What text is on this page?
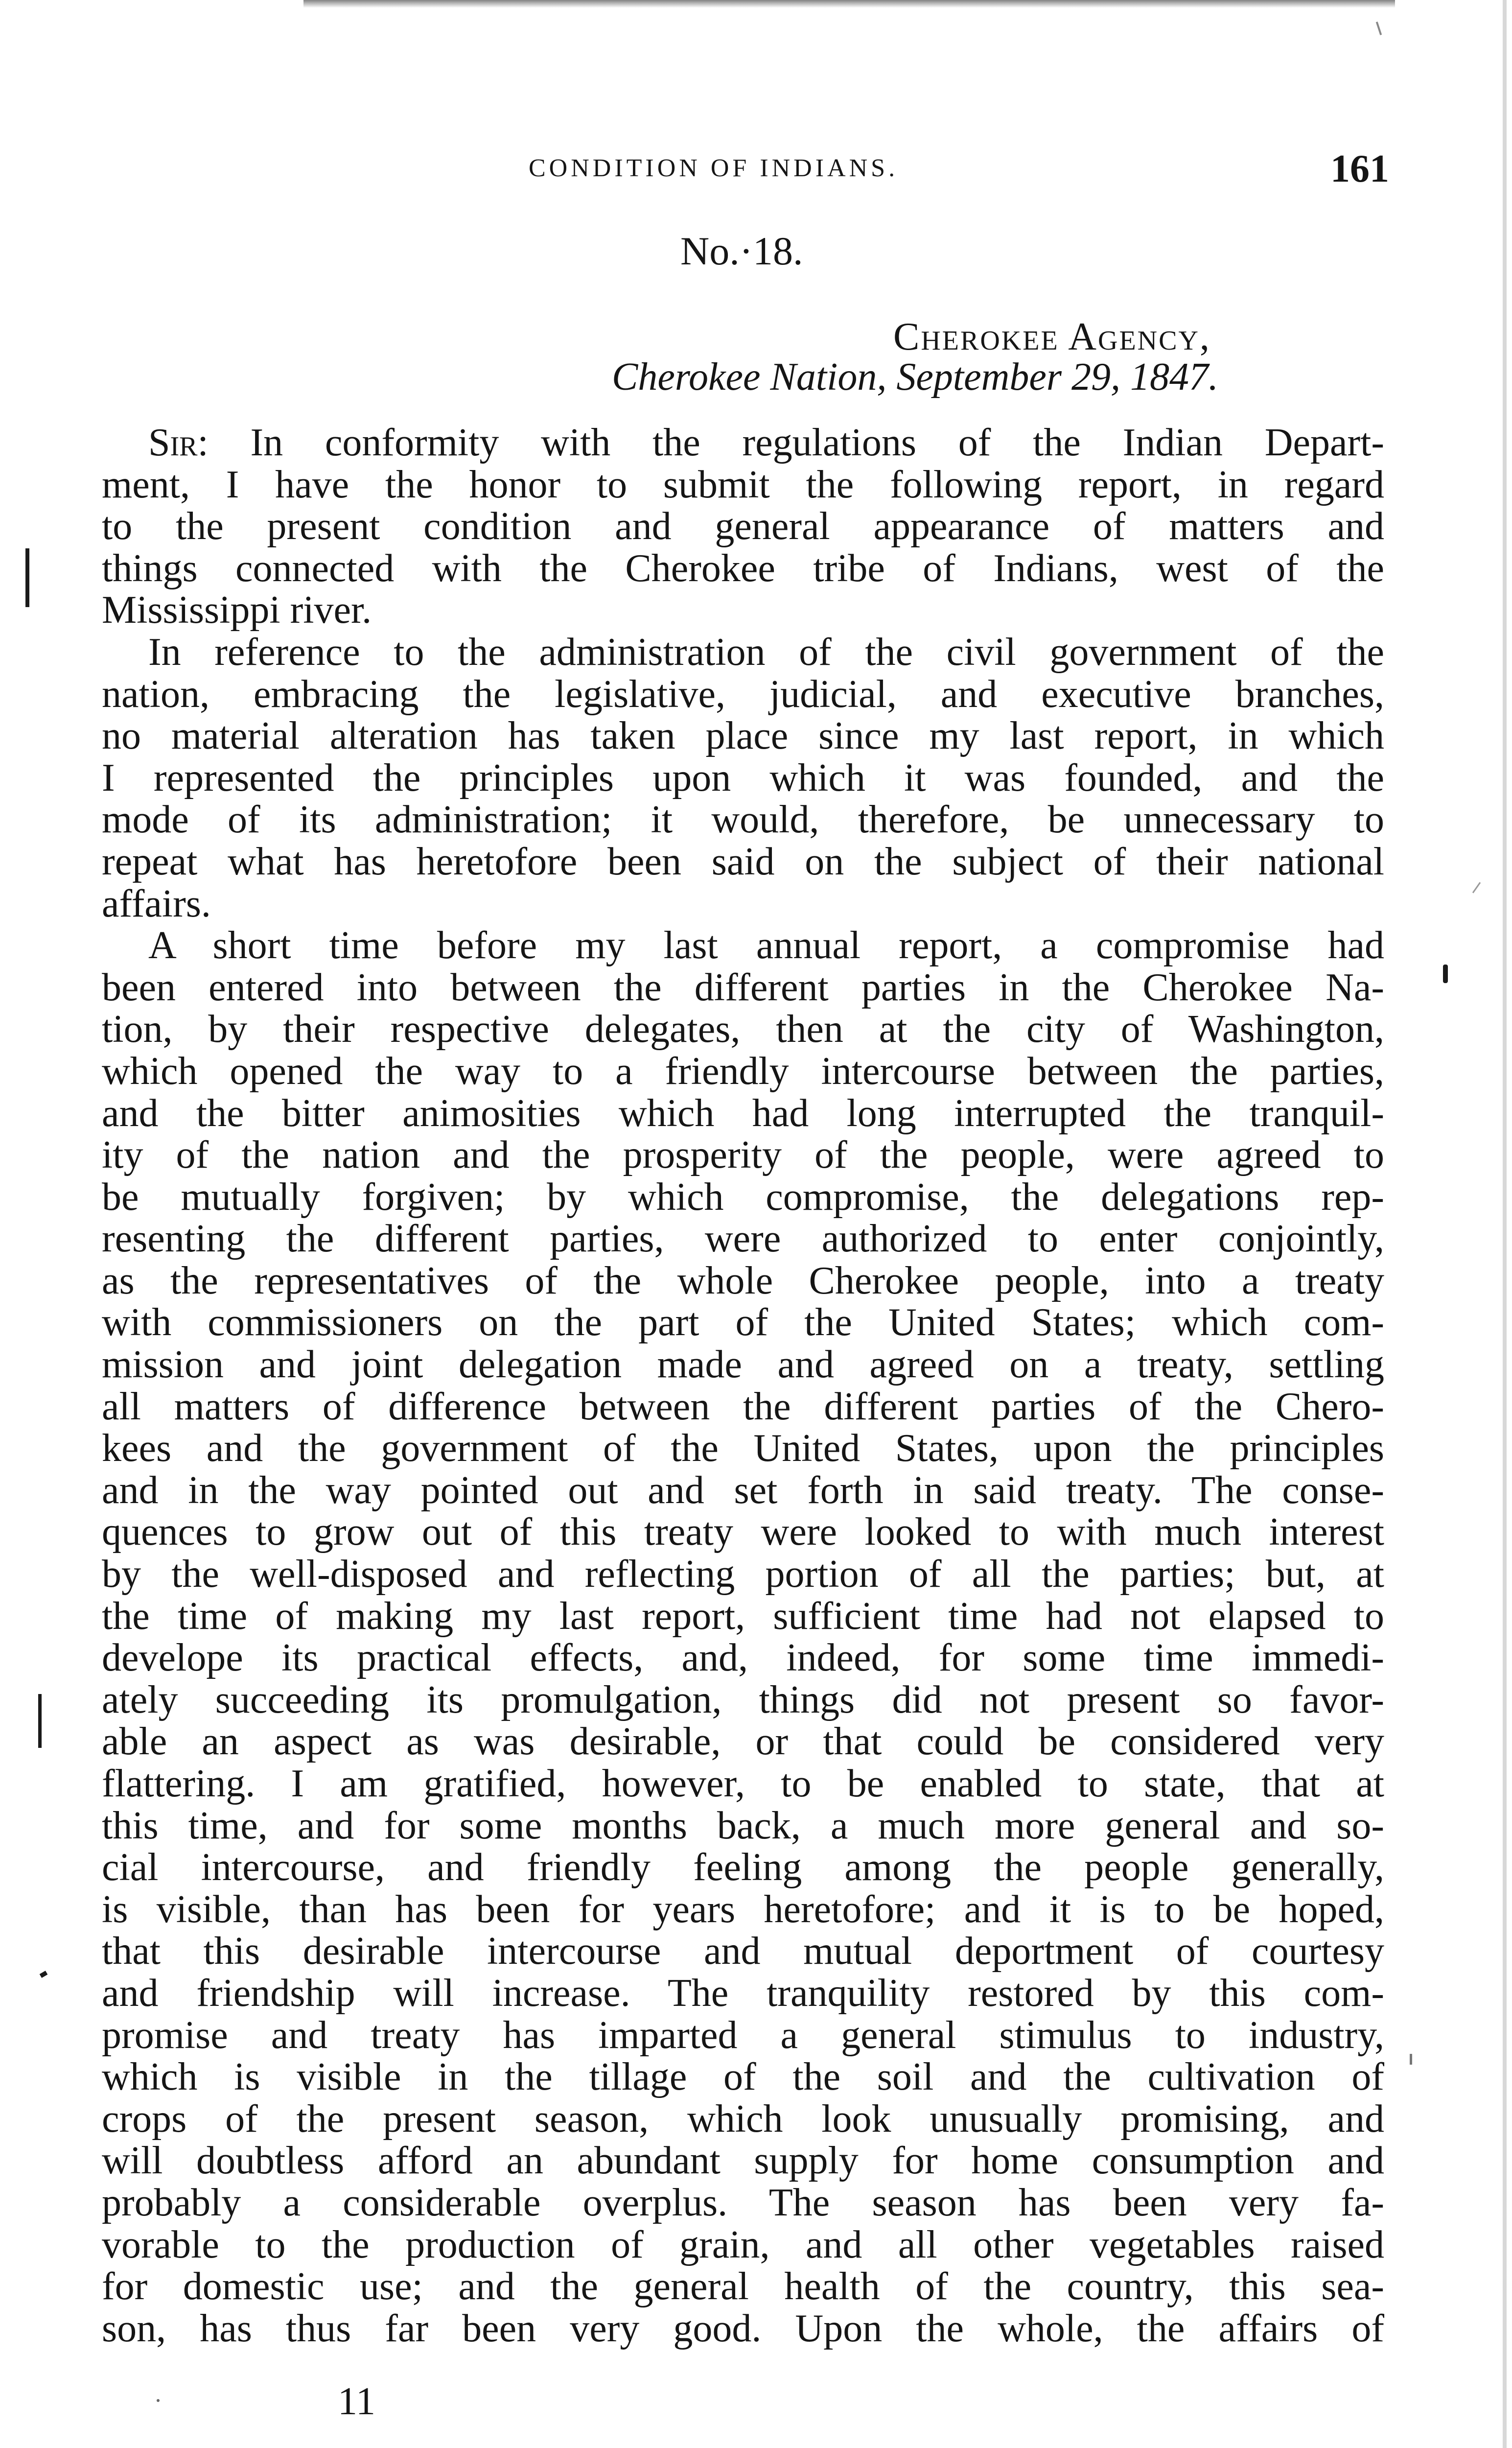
CONDITION OF INDIANS.	161
No.·18.
Cherokee Agency,
Cherokee Nation, September 29, 1847.
Sir: In conformity with the regulations of the Indian Depart-
ment, I have the honor to submit the following report, in regard
to the present condition and general appearance of matters and
things connected with the Cherokee tribe of Indians, west of the
Mississippi river.
In reference to the administration of the civil government of the
nation, embracing the legislative, judicial, and executive branches,
no material alteration has taken place since my last report, in which
I represented the principles upon which it was founded, and the
mode of its administration; it would, therefore, be unnecessary to
repeat what has heretofore been said on the subject of their national
affairs.
A short time before my last annual report, a compromise had
been entered into between the different parties in the Cherokee Na-
tion, by their respective delegates, then at the city of Washington,
which opened the way to a friendly intercourse between the parties,
and the bitter animosities which had long interrupted the tranquil-
ity of the nation and the prosperity of the people, were agreed to
be mutually forgiven; by which compromise, the delegations rep-
resenting the different parties, were authorized to enter conjointly,
as the representatives of the whole Cherokee people, into a treaty
with commissioners on the part of the United States; which com-
mission and joint delegation made and agreed on a treaty, settling
all matters of difference between the different parties of the Chero-
kees and the government of the United States, upon the principles
and in the way pointed out and set forth in said treaty. The conse-
quences to grow out of this treaty were looked to with much interest
by the well-disposed and reflecting portion of all the parties; but, at
the time of making my last report, sufficient time had not elapsed to
develope its practical effects, and, indeed, for some time immedi-
ately succeeding its promulgation, things did not present so favor-
able an aspect as was desirable, or that could be considered very
flattering. I am gratified, however, to be enabled to state, that at
this time, and for some months back, a much more general and so-
cial intercourse, and friendly feeling among the people generally,
is visible, than has been for years heretofore; and it is to be hoped,
that this desirable intercourse and mutual deportment of courtesy
and friendship will increase. The tranquility restored by this com-
promise and treaty has imparted a general stimulus to industry,
which is visible in the tillage of the soil and the cultivation of
crops of the present season, which look unusually promising, and
will doubtless afford an abundant supply for home consumption and
probably a considerable overplus. The season has been very fa-
vorable to the production of grain, and all other vegetables raised
for domestic use; and the general health of the country, this sea-
son, has thus far been very good. Upon the whole, the affairs of
11
